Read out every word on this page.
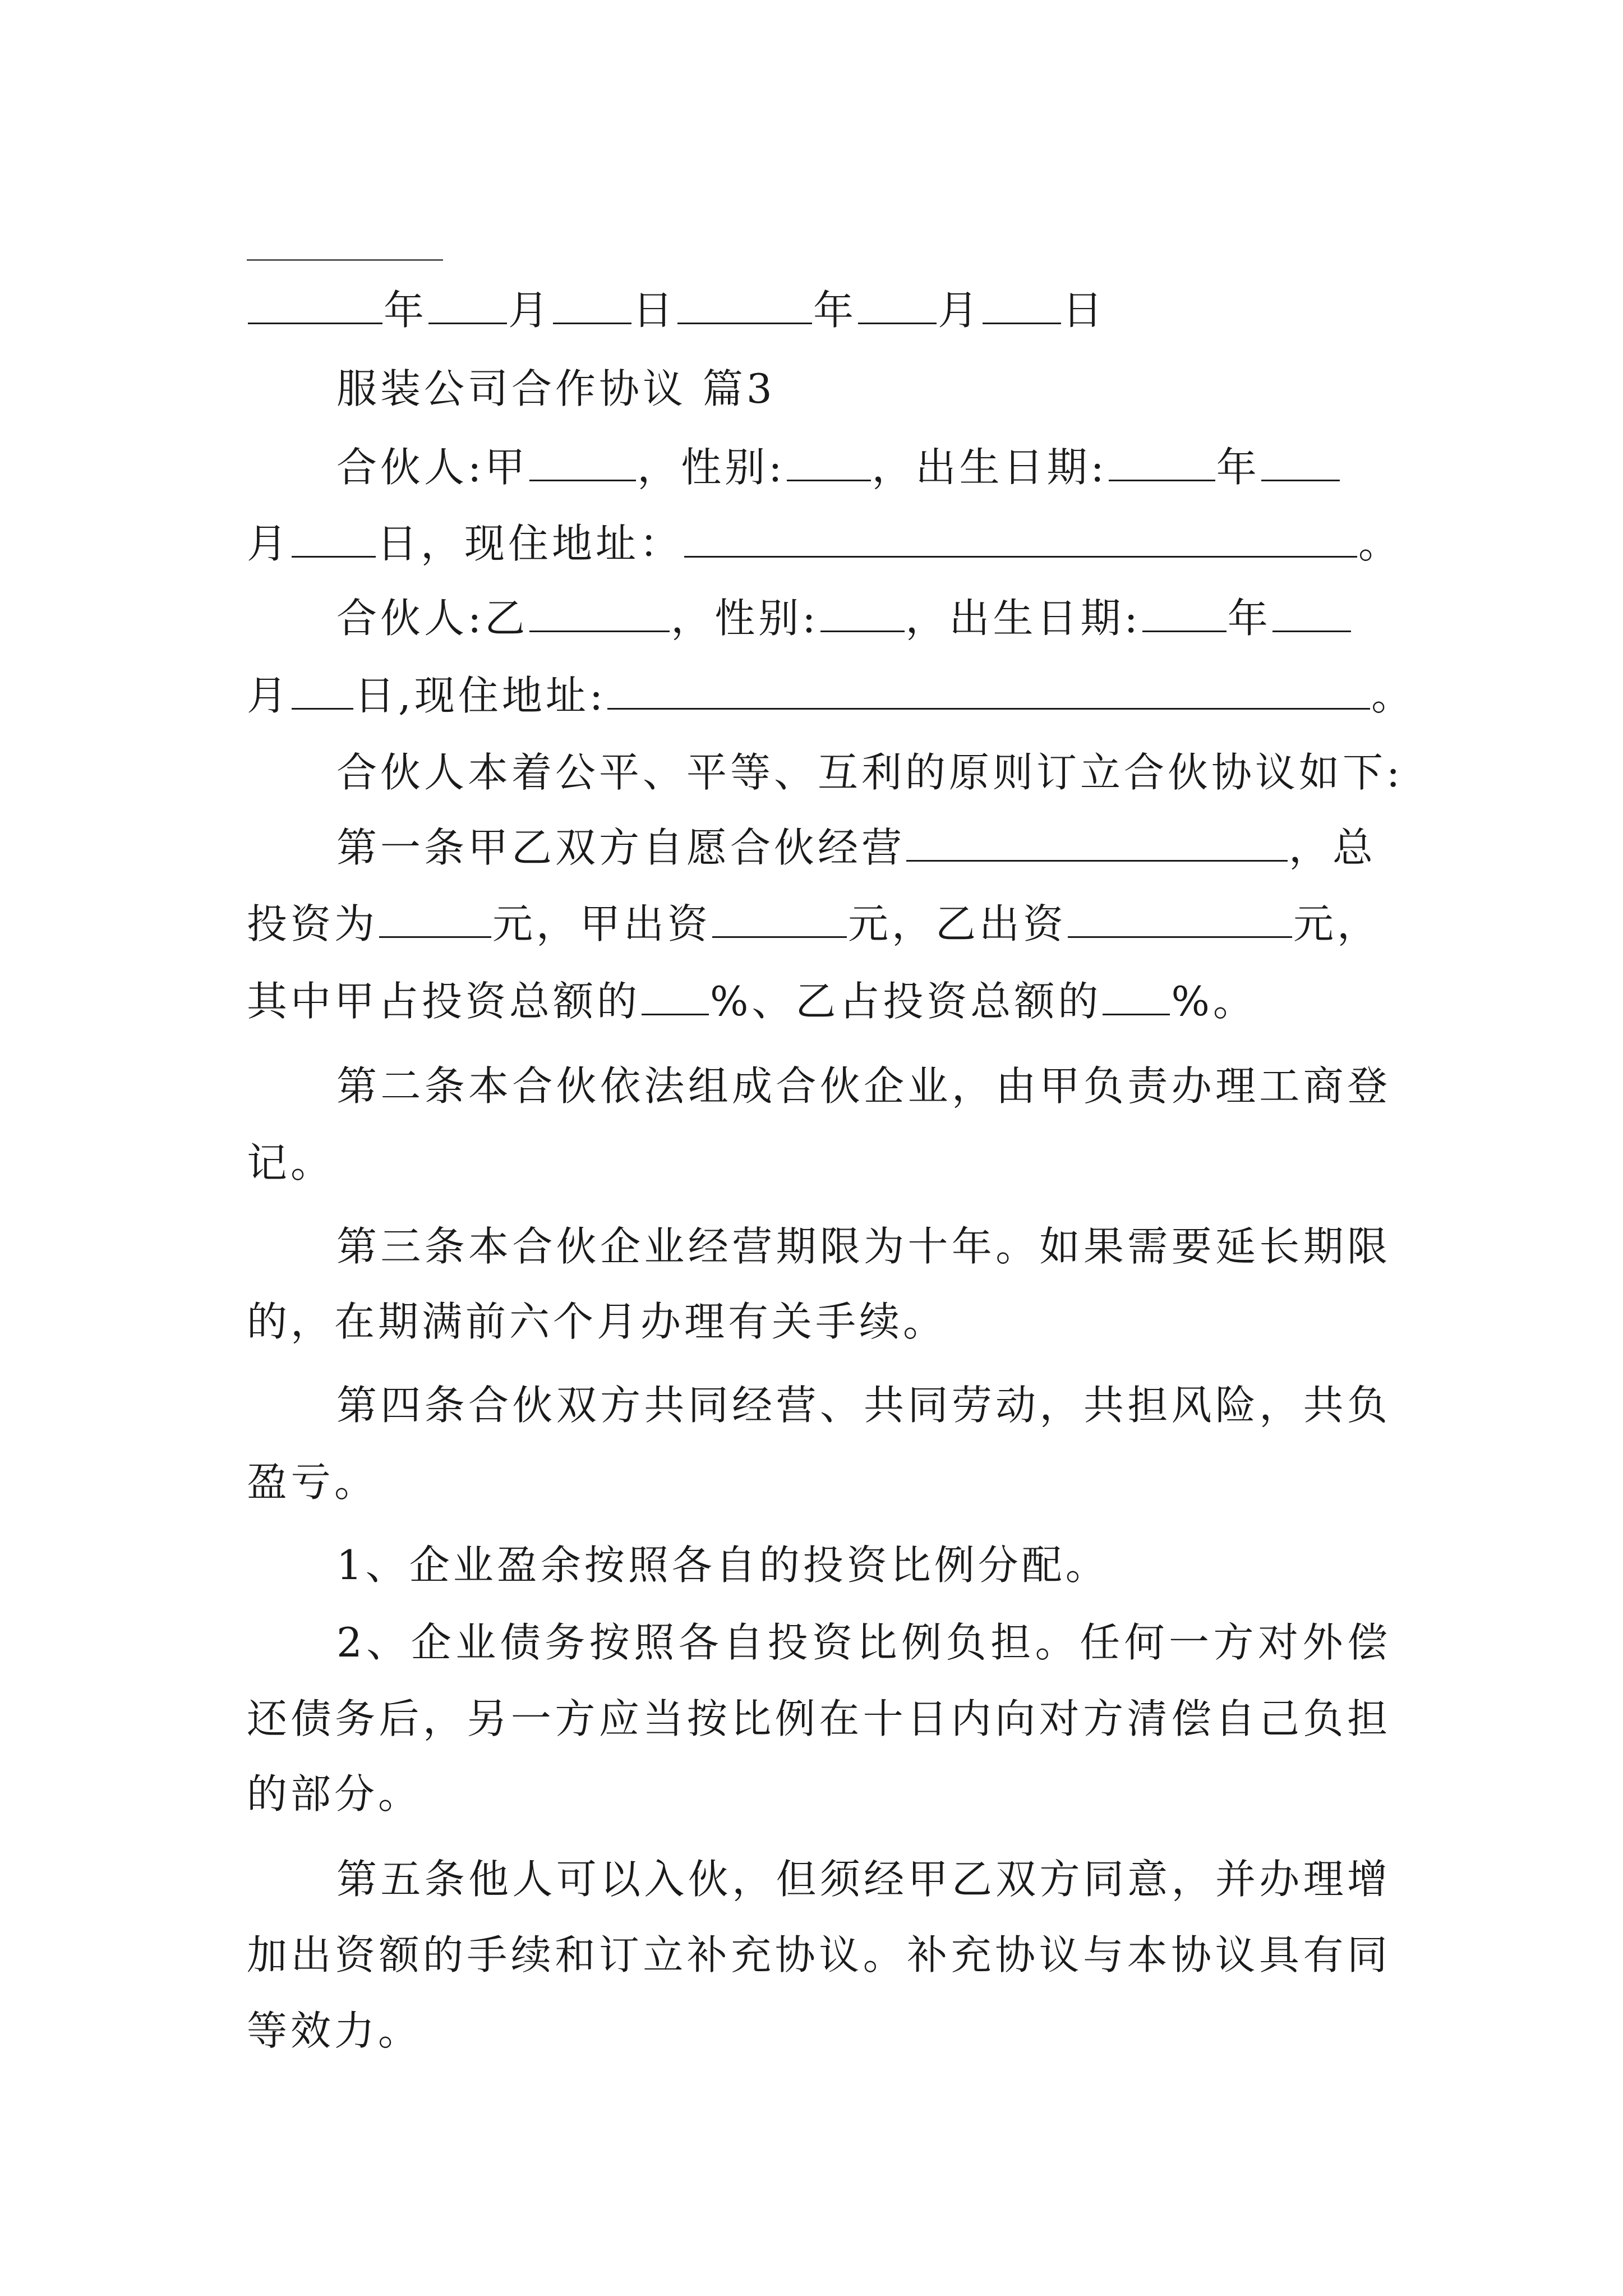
年 月 日	年 月 日
服装公司合作协议 篇3
合伙人:甲	，性别: ，出生日期:	年
月 日，现住地址：	。
合伙人:乙	，性别: ，出生日期: 年
月 日,现住地址:	。
合伙人本着公平、平等、互利的原则订立合伙协议如下:
第一条甲乙双方自愿合伙经营	，总
投资为	元，甲出资	元，乙出资	元，
其中甲占投资总额的 %、乙占投资总额的 %。
第二条本合伙依法组成合伙企业，由甲负责办理工商登
记。
第三条本合伙企业经营期限为十年。如果需要延长期限
的，在期满前六个月办理有关手续。
第四条合伙双方共同经营、共同劳动，共担风险，共负
盈亏。
1、企业盈余按照各自的投资比例分配。
2、企业债务按照各自投资比例负担。任何一方对外偿
还债务后，另一方应当按比例在十日内向对方清偿自己负担
的部分。
第五条他人可以入伙，但须经甲乙双方同意，并办理增
加出资额的手续和订立补充协议。补充协议与本协议具有同
等效力。
